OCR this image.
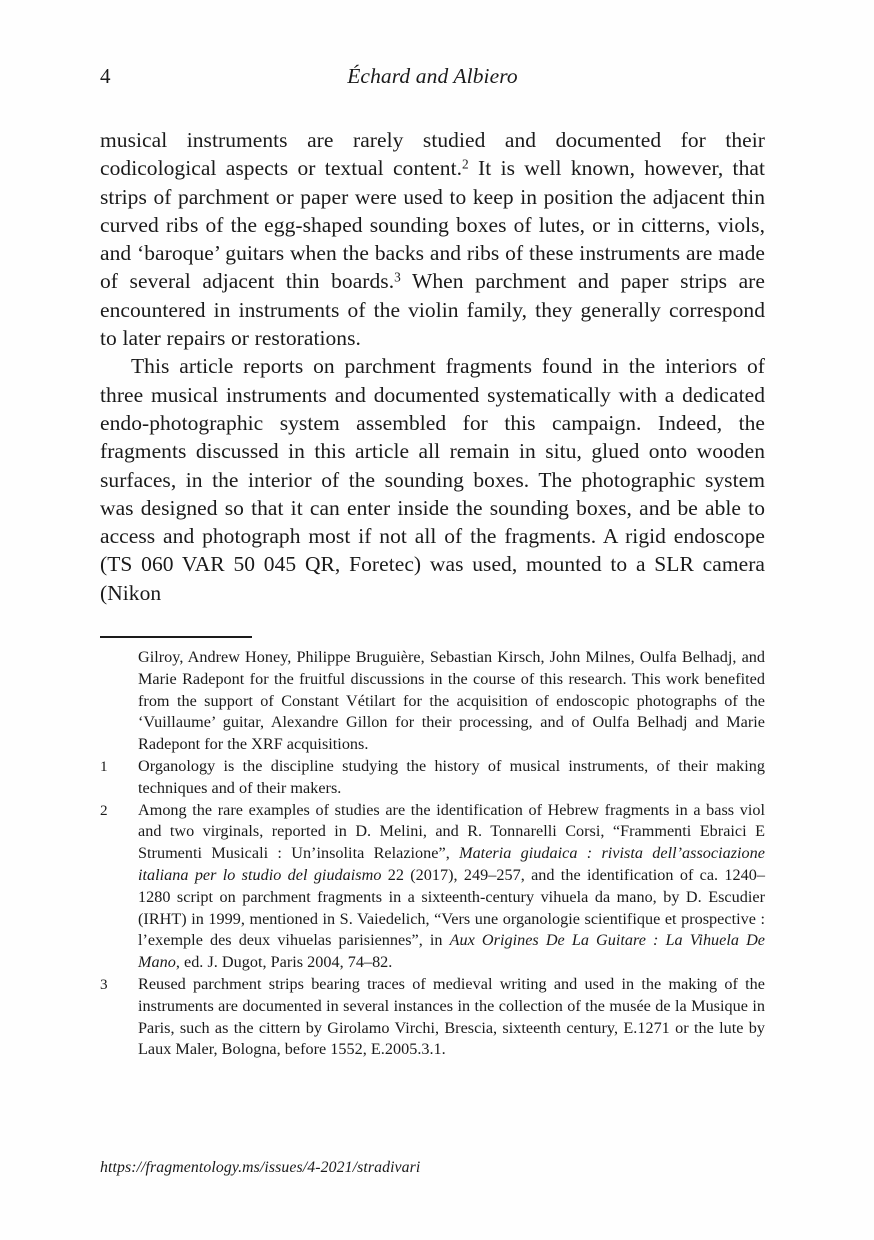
4	Échard and Albiero

musical instruments are rarely studied and documented for their codicological aspects or textual content.$^2$ It is well known, however, that strips of parchment or paper were used to keep in position the adjacent thin curved ribs of the egg-shaped sounding boxes of lutes, or in citterns, viols, and ‘baroque’ guitars when the backs and ribs of these instruments are made of several adjacent thin boards.$^3$ When parchment and paper strips are encountered in instruments of the violin family, they generally correspond to later repairs or restorations.

This article reports on parchment fragments found in the interiors of three musical instruments and documented systematically with a dedicated endo-photographic system assembled for this campaign. Indeed, the fragments discussed in this article all remain in situ, glued onto wooden surfaces, in the interior of the sounding boxes. The photographic system was designed so that it can enter inside the sounding boxes, and be able to access and photograph most if not all of the fragments. A rigid endoscope (TS 060 VAR 50 045 QR, Foretec) was used, mounted to a SLR camera (Nikon

Gilroy, Andrew Honey, Philippe Bruguière, Sebastian Kirsch, John Milnes, Oulfa Belhadj, and Marie Radepont for the fruitful discussions in the course of this research. This work benefited from the support of Constant Vétilart for the acquisition of endoscopic photographs of the ‘Vuillaume’ guitar, Alexandre Gillon for their processing, and of Oulfa Belhadj and Marie Radepont for the XRF acquisitions.
1	Organology is the discipline studying the history of musical instruments, of their making techniques and of their makers.
2	Among the rare examples of studies are the identification of Hebrew fragments in a bass viol and two virginals, reported in D. Melini, and R. Tonnarelli Corsi, “Frammenti Ebraici E Strumenti Musicali : Un’insolita Relazione”, Materia giudaica : rivista dell’associazione italiana per lo studio del giudaismo 22 (2017), 249–257, and the identification of ca. 1240–1280 script on parchment fragments in a sixteenth-century vihuela da mano, by D. Escudier (IRHT) in 1999, mentioned in S. Vaiedelich, “Vers une organologie scientifique et prospective : l’exemple des deux vihuelas parisiennes”, in Aux Origines De La Guitare : La Vihuela De Mano, ed. J. Dugot, Paris 2004, 74–82.
3	Reused parchment strips bearing traces of medieval writing and used in the making of the instruments are documented in several instances in the collection of the musée de la Musique in Paris, such as the cittern by Girolamo Virchi, Brescia, sixteenth century, E.1271 or the lute by Laux Maler, Bologna, before 1552, E.2005.3.1.
https://fragmentology.ms/issues/4-2021/stradivari
